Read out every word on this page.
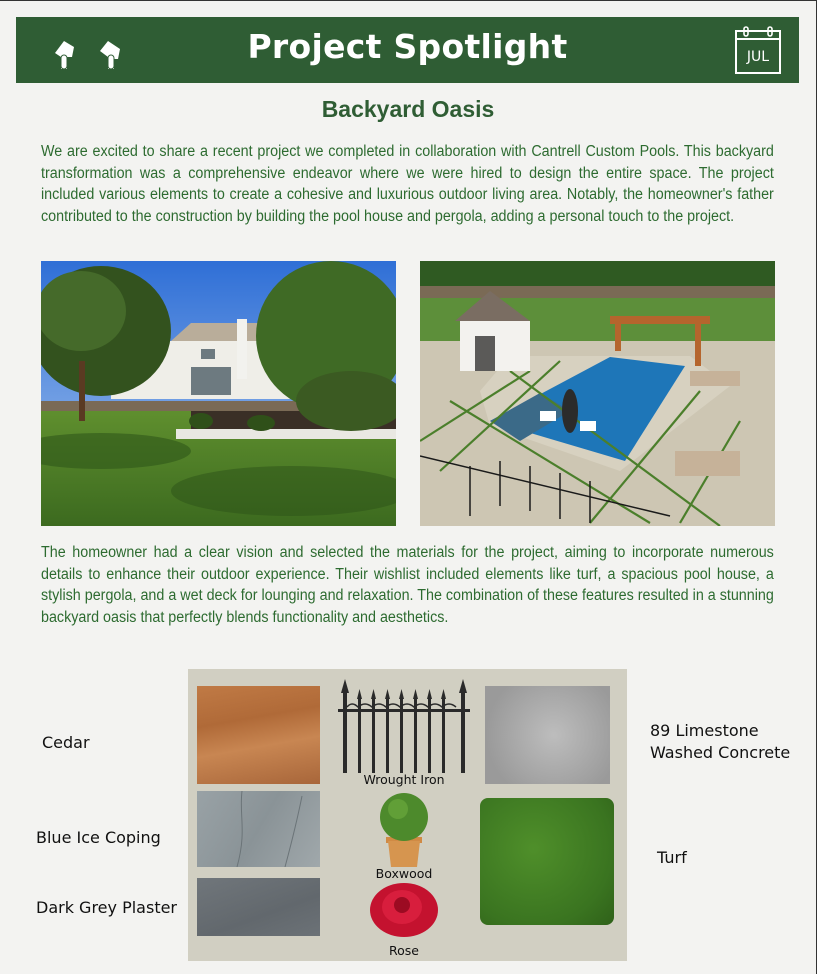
Project Spotlight	JUL
Backyard Oasis

We are excited to share a recent project we completed in collaboration with Cantrell Custom Pools. This backyard transformation was a comprehensive endeavor where we were hired to design the entire space. The project included various elements to create a cohesive and luxurious outdoor living area. Notably, the homeowner's father contributed to the construction by building the pool house and pergola, adding a personal touch to the project.

The homeowner had a clear vision and selected the materials for the project, aiming to incorporate numerous details to enhance their outdoor experience. Their wishlist included elements like turf, a spacious pool house, a stylish pergola, and a wet deck for lounging and relaxation. The combination of these features resulted in a stunning backyard oasis that perfectly blends functionality and aesthetics.

Cedar
Blue Ice Coping
Dark Grey Plaster
89 Limestone
Washed Concrete
Turf
Wrought Iron
Boxwood
Rose
